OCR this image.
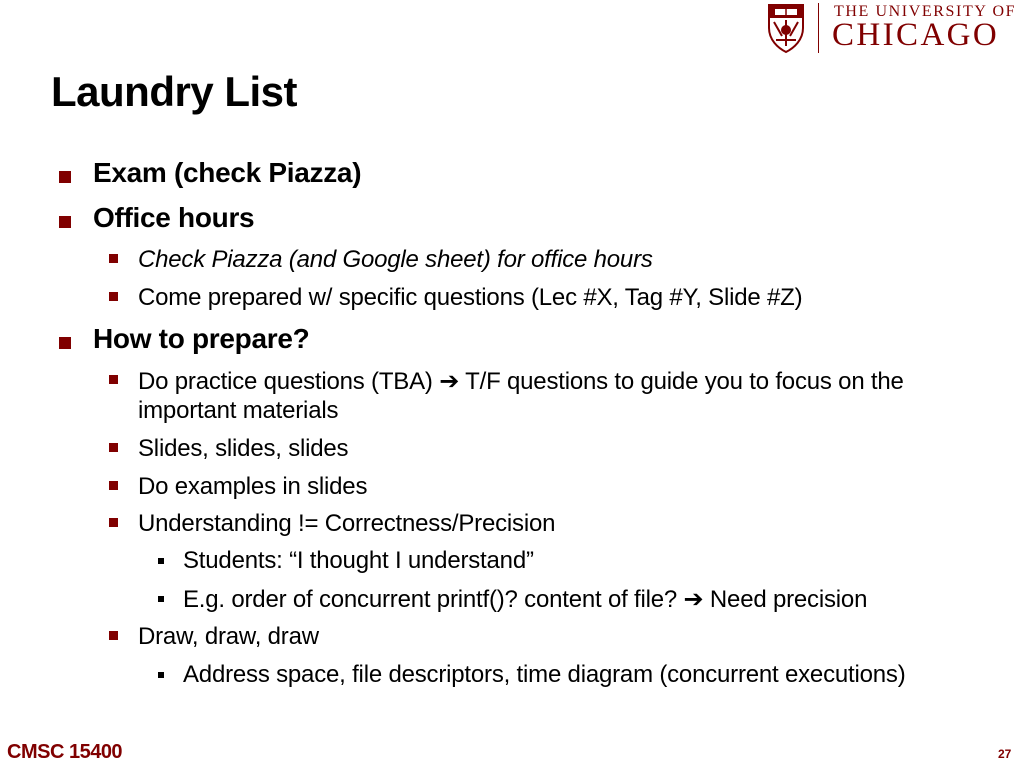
THE UNIVERSITY OF
CHICAGO
Laundry List
Exam (check Piazza)
Office hours
Check Piazza (and Google sheet) for office hours
Come prepared w/ specific questions (Lec #X, Tag #Y, Slide #Z)
How to prepare?
Do practice questions (TBA) ➔ T/F questions to guide you to focus on the
important materials
Slides, slides, slides
Do examples in slides
Understanding != Correctness/Precision
Students: “I thought I understand”
E.g. order of concurrent printf()? content of file? ➔ Need precision
Draw, draw, draw
Address space, file descriptors, time diagram (concurrent executions)
CMSC 15400	27
